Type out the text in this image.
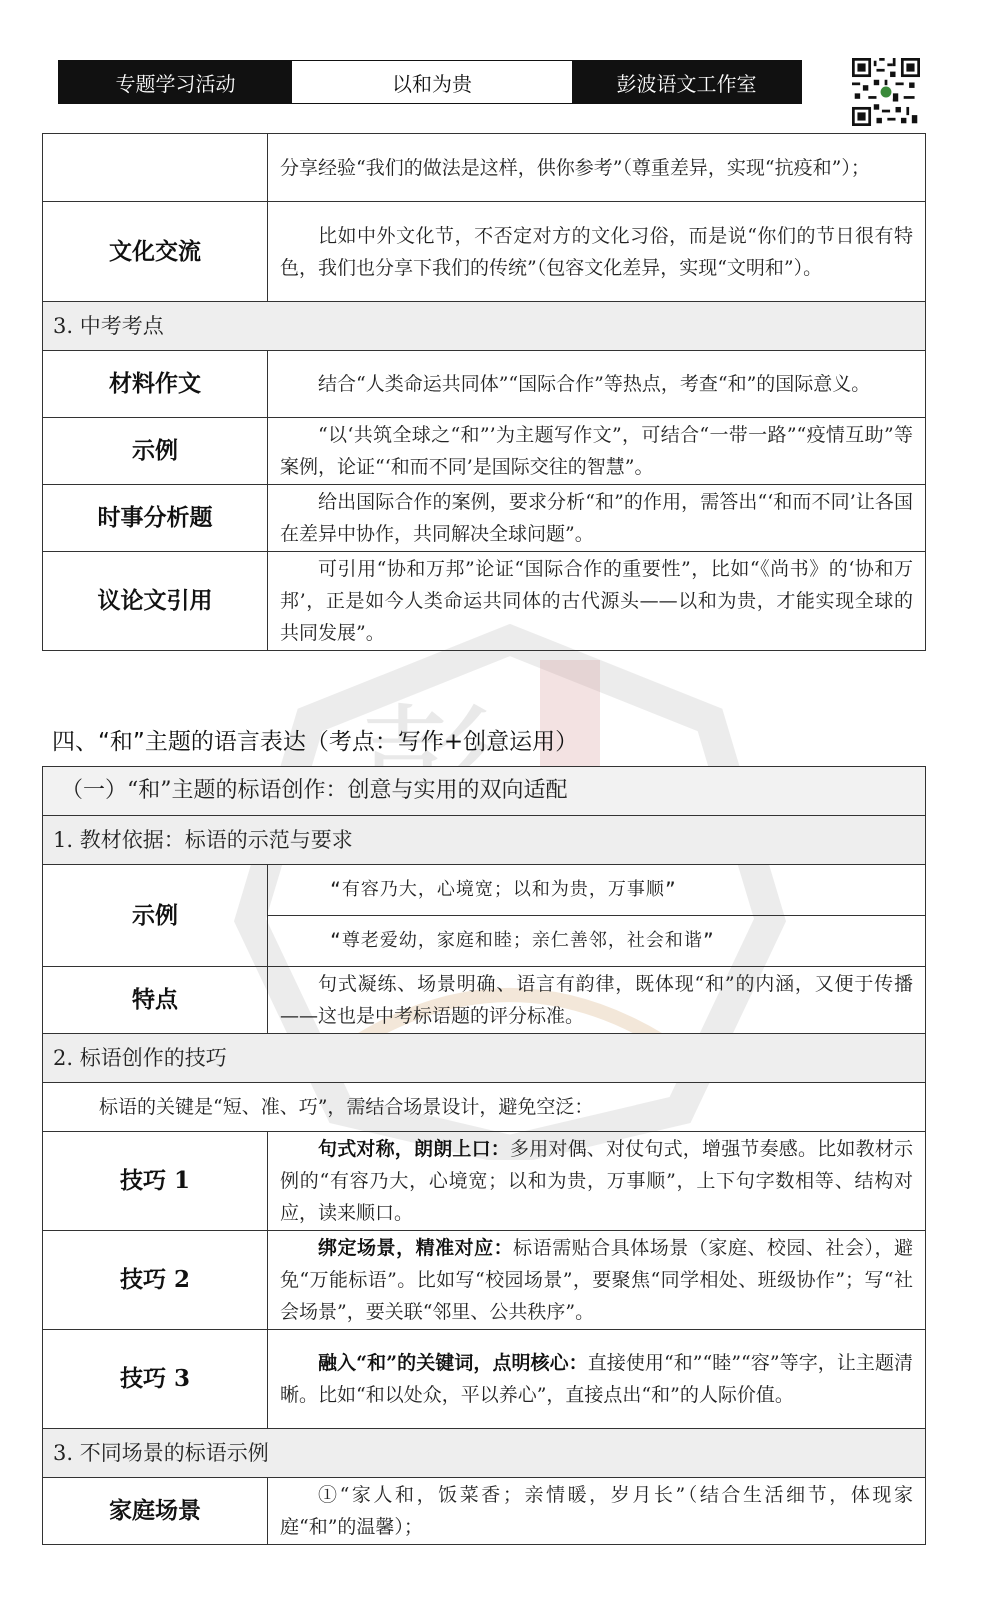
专题学习活动	以和为贵	彭波语文工作室

	分享经验“我们的做法是这样，供你参考”（尊重差异，实现“抗疫和”）；

文化交流	比如中外文化节，不否定对方的文化习俗，而是说“你们的节日很有特色，我们也分享下我们的传统”（包容文化差异，实现“文明和”）。

3. 中考考点	
材料作文	结合“人类命运共同体”“国际合作”等热点，考查“和”的国际意义。

示例	“以‘共筑全球之“和”’为主题写作文”，可结合“一带一路”“疫情互助”等案例，论证“‘和而不同’是国际交往的智慧”。

时事分析题	给出国际合作的案例，要求分析“和”的作用，需答出“‘和而不同’让各国在差异中协作，共同解决全球问题”。

议论文引用	可引用“协和万邦”论证“国际合作的重要性”，比如“《尚书》的‘协和万邦’，正是如今人类命运共同体的古代源头——以和为贵，才能实现全球的共同发展”。

四、“和”主题的语言表达（考点：写作+创意运用）
（一）“和”主题的标语创作：创意与实用的双向适配	
1. 教材依据：标语的示范与要求	
示例	“有容乃大，心境宽；以和为贵，万事顺”
	“尊老爱幼，家庭和睦；亲仁善邻，社会和谐”
特点	句式凝练、场景明确、语言有韵律，既体现“和”的内涵，又便于传播——这也是中考标语题的评分标准。

2. 标语创作的技巧	
标语的关键是“短、准、巧”，需结合场景设计，避免空泛：	
技巧 1	句式对称，朗朗上口：多用对偶、对仗句式，增强节奏感。比如教材示例的“有容乃大，心境宽；以和为贵，万事顺”，上下句字数相等、结构对应，读来顺口。

技巧 2	绑定场景，精准对应：标语需贴合具体场景（家庭、校园、社会），避免“万能标语”。比如写“校园场景”，要聚焦“同学相处、班级协作”；写“社会场景”，要关联“邻里、公共秩序”。

技巧 3	融入“和”的关键词，点明核心：直接使用“和”“睦”“容”等字，让主题清晰。比如“和以处众，平以养心”，直接点出“和”的人际价值。

3. 不同场景的标语示例	
家庭场景	①“家人和，饭菜香；亲情暖，岁月长”（结合生活细节，体现家庭“和”的温馨）；
